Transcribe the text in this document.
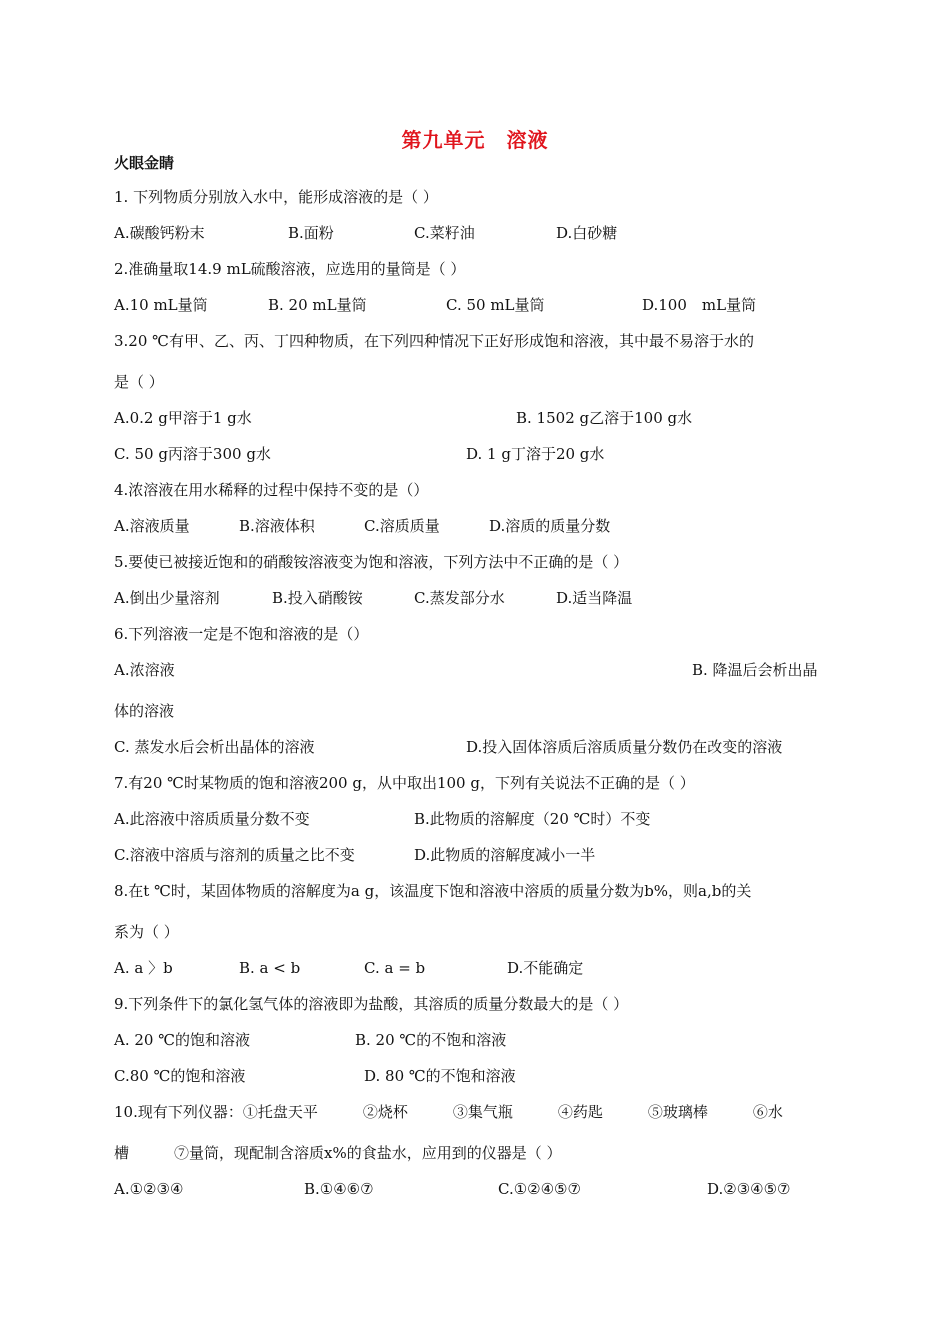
第九单元　溶液
火眼金睛
1. 下列物质分别放入水中，能形成溶液的是（ ）
A.碳酸钙粉末	B.面粉	C.菜籽油	D.白砂糖
2.准确量取14.9 mL硫酸溶液，应选用的量筒是（ ）
A.10 mL量筒	B. 20 mL量筒	C. 50 mL量筒	D.100　mL量筒
3.20 ℃有甲、乙、丙、丁四种物质，在下列四种情况下正好形成饱和溶液，其中最不易溶于水的
是（ ）
A.0.2 g甲溶于1 g水	B. 1502 g乙溶于100 g水
C. 50 g丙溶于300 g水	D. 1 g丁溶于20 g水
4.浓溶液在用水稀释的过程中保持不变的是（）
A.溶液质量	B.溶液体积	C.溶质质量	D.溶质的质量分数
5.要使已被接近饱和的硝酸铵溶液变为饱和溶液，下列方法中不正确的是（ ）
A.倒出少量溶剂	B.投入硝酸铵	C.蒸发部分水	D.适当降温
6.下列溶液一定是不饱和溶液的是（）
A.浓溶液	B. 降温后会析出晶
体的溶液
C. 蒸发水后会析出晶体的溶液	D.投入固体溶质后溶质质量分数仍在改变的溶液
7.有20 ℃时某物质的饱和溶液200 g，从中取出100 g，下列有关说法不正确的是（ ）
A.此溶液中溶质质量分数不变	B.此物质的溶解度（20 ℃时）不变
C.溶液中溶质与溶剂的质量之比不变	D.此物质的溶解度减小一半
8.在t ℃时，某固体物质的溶解度为a g，该温度下饱和溶液中溶质的质量分数为b%，则a,b的关
系为（ ）
A. a 〉b	B. a < b	C. a = b	D.不能确定
9.下列条件下的氯化氢气体的溶液即为盐酸，其溶质的质量分数最大的是（ ）
A. 20 ℃的饱和溶液	B. 20 ℃的不饱和溶液
C.80 ℃的饱和溶液	D. 80 ℃的不饱和溶液
10.现有下列仪器：①托盘天平　　　②烧杯　　　③集气瓶　　　④药匙　　　⑤玻璃棒　　　⑥水
槽　　　⑦量筒，现配制含溶质x%的食盐水，应用到的仪器是（ ）
A.①②③④	B.①④⑥⑦	C.①②④⑤⑦	D.②③④⑤⑦
